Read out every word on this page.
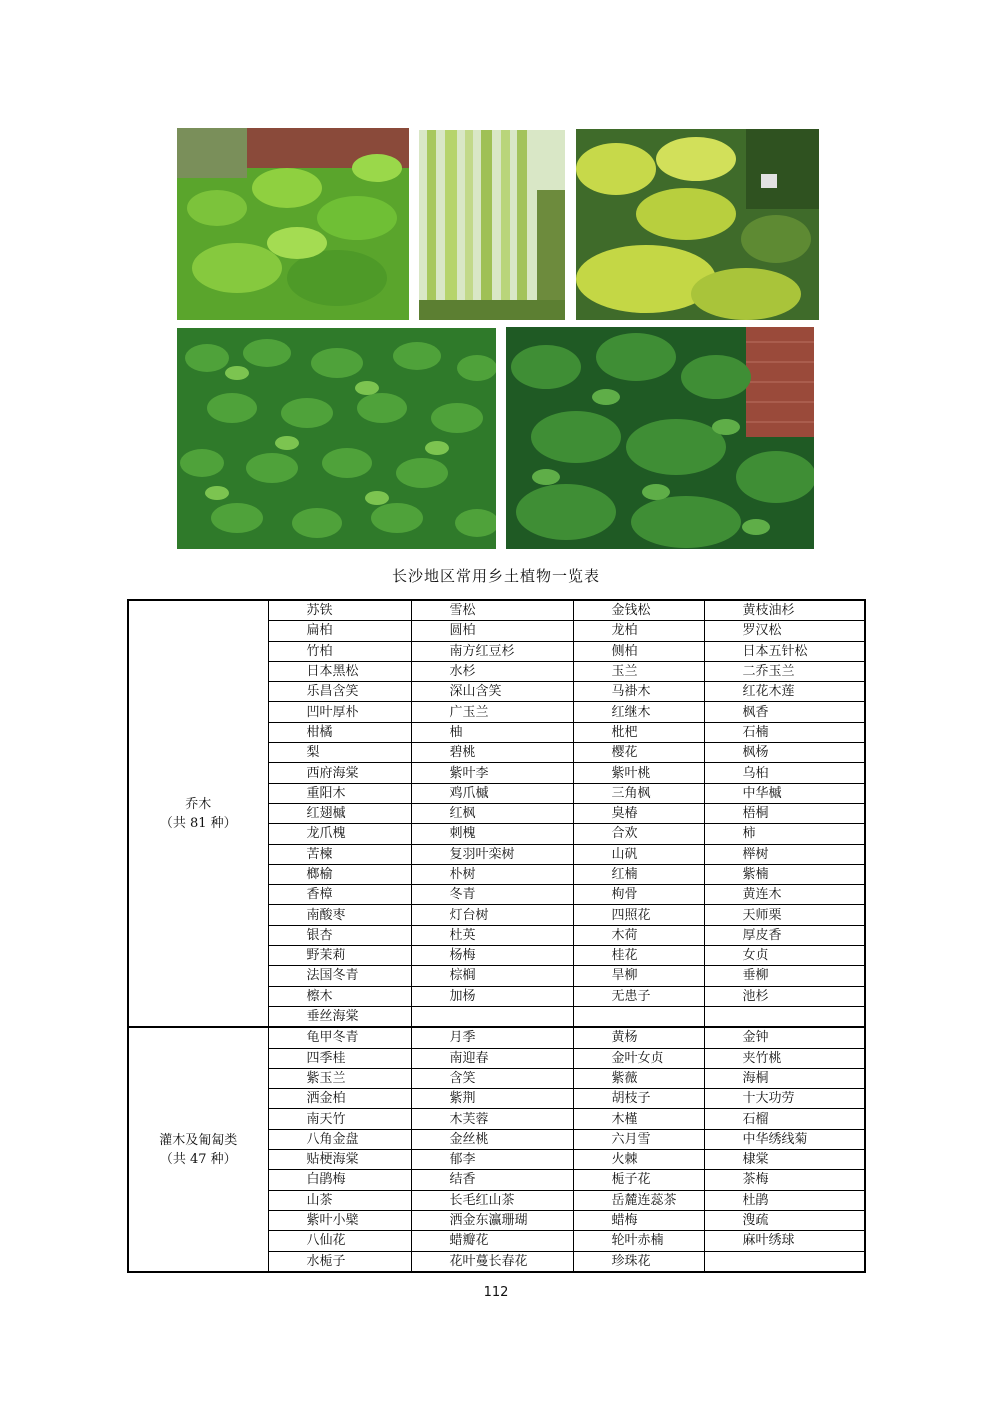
长沙地区常用乡土植物一览表
乔木
（共 81 种）	苏铁	雪松	金钱松	黄枝油杉
	扁柏	圆柏	龙柏	罗汉松
	竹柏	南方红豆杉	侧柏	日本五针松
	日本黑松	水杉	玉兰	二乔玉兰
	乐昌含笑	深山含笑	马褂木	红花木莲
	凹叶厚朴	广玉兰	红继木	枫香
	柑橘	柚	枇杷	石楠
	梨	碧桃	樱花	枫杨
	西府海棠	紫叶李	紫叶桃	乌桕
	重阳木	鸡爪槭	三角枫	中华槭
	红翅槭	红枫	臭椿	梧桐
	龙爪槐	刺槐	合欢	柿
	苦楝	复羽叶栾树	山矾	榉树
	榔榆	朴树	红楠	紫楠
	香樟	冬青	枸骨	黄连木
	南酸枣	灯台树	四照花	天师栗
	银杏	杜英	木荷	厚皮香
	野茉莉	杨梅	桂花	女贞
	法国冬青	棕榈	旱柳	垂柳
	檫木	加杨	无患子	池杉
	垂丝海棠			

灌木及匍匐类
（共 47 种）	龟甲冬青	月季	黄杨	金钟
	四季桂	南迎春	金叶女贞	夹竹桃
	紫玉兰	含笑	紫薇	海桐
	洒金柏	紫荆	胡枝子	十大功劳
	南天竹	木芙蓉	木槿	石榴
	八角金盘	金丝桃	六月雪	中华绣线菊
	贴梗海棠	郁李	火棘	棣棠
	白鹃梅	结香	栀子花	茶梅
	山茶	长毛红山茶	岳麓连蕊茶	杜鹃
	紫叶小檗	洒金东瀛珊瑚	蜡梅	溲疏
	八仙花	蜡瓣花	轮叶赤楠	麻叶绣球
	水栀子	花叶蔓长春花	珍珠花	
112
